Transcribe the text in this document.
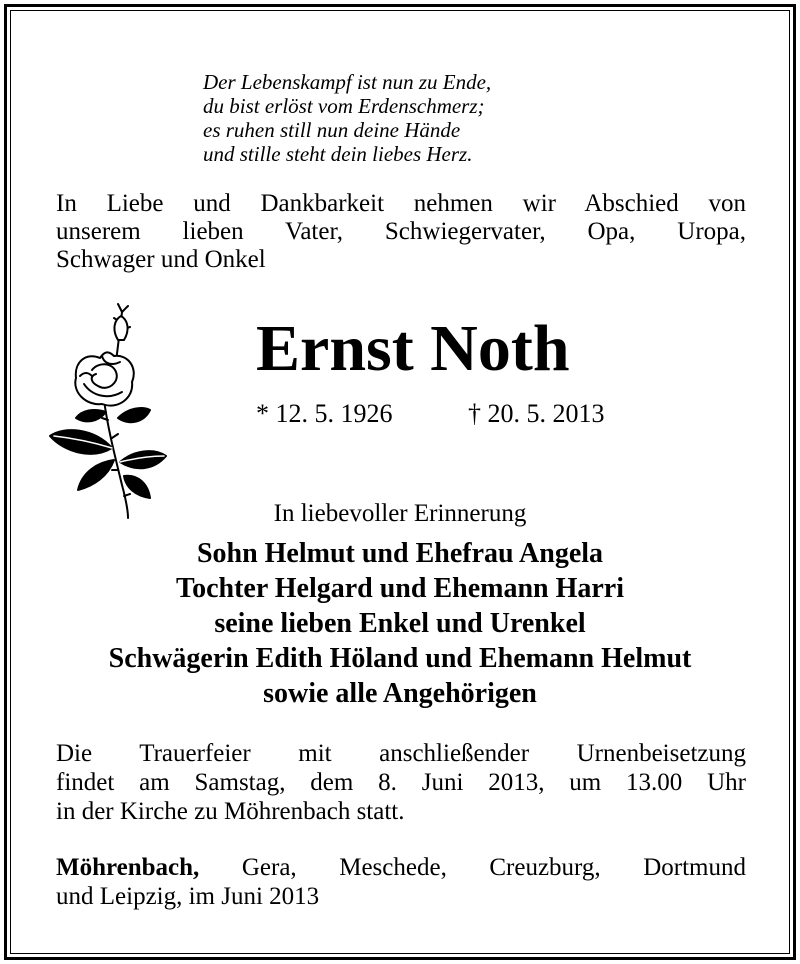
Der Lebenskampf ist nun zu Ende,
du bist erlöst vom Erdenschmerz;
es ruhen still nun deine Hände
und stille steht dein liebes Herz.
In Liebe und Dankbarkeit nehmen wir Abschied von
unserem lieben Vater, Schwiegervater, Opa, Uropa,
Schwager und Onkel
Ernst Noth
* 12. 5. 1926	† 20. 5. 2013
In liebevoller Erinnerung
Sohn Helmut und Ehefrau Angela
Tochter Helgard und Ehemann Harri
seine lieben Enkel und Urenkel
Schwägerin Edith Höland und Ehemann Helmut
sowie alle Angehörigen
Die Trauerfeier mit anschließender Urnenbeisetzung
findet am Samstag, dem 8. Juni 2013, um 13.00 Uhr
in der Kirche zu Möhrenbach statt.
Möhrenbach, Gera, Meschede, Creuzburg, Dortmund
und Leipzig, im Juni 2013
